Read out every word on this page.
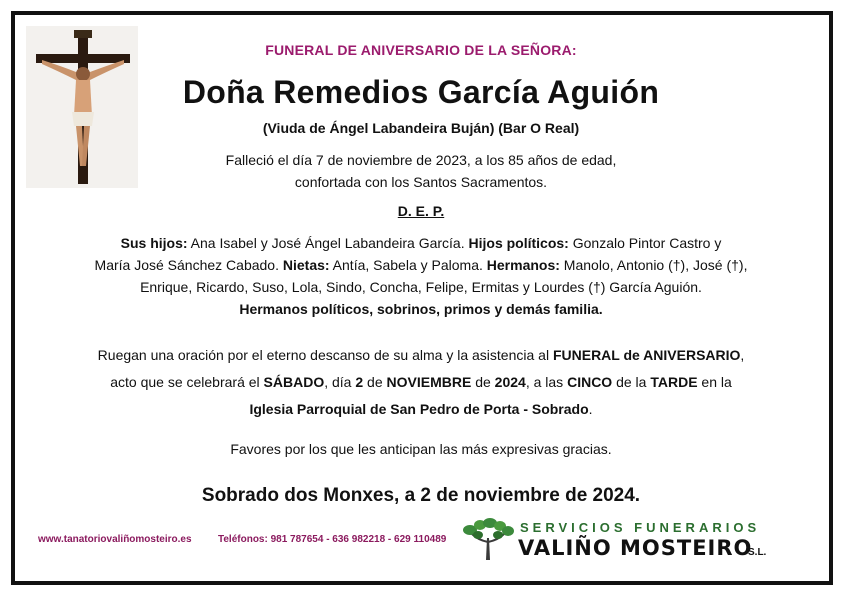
FUNERAL DE ANIVERSARIO DE LA SEÑORA:
Doña Remedios García Aguión
(Viuda de Ángel Labandeira Buján) (Bar O Real)
Falleció el día 7 de noviembre de 2023, a los 85 años de edad,
confortada con los Santos Sacramentos.
D. E. P.
Sus hijos: Ana Isabel y José Ángel Labandeira García. Hijos políticos: Gonzalo Pintor Castro y
María José Sánchez Cabado. Nietas: Antía, Sabela y Paloma. Hermanos: Manolo, Antonio (†), José (†),
Enrique, Ricardo, Suso, Lola, Sindo, Concha, Felipe, Ermitas y Lourdes (†) García Aguión.
Hermanos políticos, sobrinos, primos y demás familia.
Ruegan una oración por el eterno descanso de su alma y la asistencia al FUNERAL de ANIVERSARIO,
acto que se celebrará el SÁBADO, día 2 de NOVIEMBRE de 2024, a las CINCO de la TARDE en la
Iglesia Parroquial de San Pedro de Porta - Sobrado.
Favores por los que les anticipan las más expresivas gracias.
Sobrado dos Monxes, a 2 de noviembre de 2024.
www.tanatoriovaliñomosteiro.es	Teléfonos: 981 787654 - 636 982218 - 629 110489
SERVICIOS FUNERARIOS
VALIÑO MOSTEIRO
S.L.
